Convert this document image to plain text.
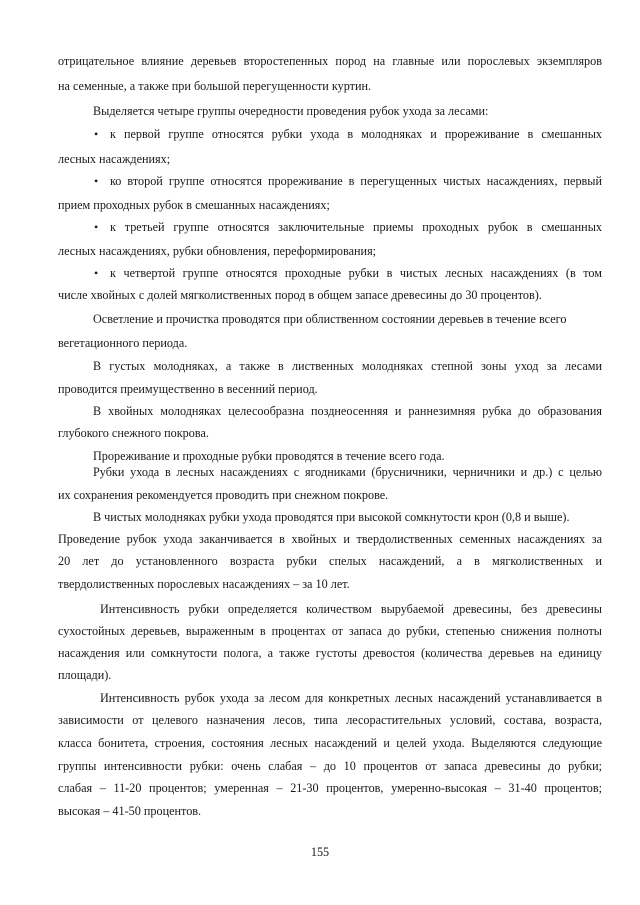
отрицательное влияние деревьев второстепенных пород на главные или порослевых экземпляров
на семенные, а также при большой перегущенности куртин.
Выделяется четыре группы очередности проведения рубок ухода за лесами:
• к первой группе относятся рубки ухода в молодняках и прореживание в смешанных
лесных насаждениях;
• ко второй группе относятся прореживание в перегущенных чистых насаждениях, первый
прием проходных рубок в смешанных насаждениях;
• к третьей группе относятся заключительные приемы проходных рубок в смешанных
лесных насаждениях, рубки обновления, переформирования;
• к четвертой группе относятся проходные рубки в чистых лесных насаждениях (в том
числе хвойных с долей мягколиственных пород в общем запасе древесины до 30 процентов).
Осветление и прочистка проводятся при облиственном состоянии деревьев в течение всего
вегетационного периода.
В густых молодняках, а также в лиственных молодняках степной зоны уход за лесами
проводится преимущественно в весенний период.
В хвойных молодняках целесообразна позднеосенняя и раннезимняя рубка до образования
глубокого снежного покрова.
Прореживание и проходные рубки проводятся в течение всего года.
Рубки ухода в лесных насаждениях с ягодниками (брусничники, черничники и др.) с целью
их сохранения рекомендуется проводить при снежном покрове.
В чистых молодняках рубки ухода проводятся при высокой сомкнутости крон (0,8 и выше).
Проведение рубок ухода заканчивается в хвойных и твердолиственных семенных насаждениях за
20 лет до установленного возраста рубки спелых насаждений, а в мягколиственных и
твердолиственных порослевых насаждениях – за 10 лет.
Интенсивность рубки определяется количеством вырубаемой древесины, без древесины
сухостойных деревьев, выраженным в процентах от запаса до рубки, степенью снижения полноты
насаждения или сомкнутости полога, а также густоты древостоя (количества деревьев на единицу
площади).
Интенсивность рубок ухода за лесом для конкретных лесных насаждений устанавливается в
зависимости от целевого назначения лесов, типа лесорастительных условий, состава, возраста,
класса бонитета, строения, состояния лесных насаждений и целей ухода. Выделяются следующие
группы интенсивности рубки: очень слабая – до 10 процентов от запаса древесины до рубки;
слабая – 11-20 процентов; умеренная – 21-30 процентов, умеренно-высокая – 31-40 процентов;
высокая – 41-50 процентов.
155
